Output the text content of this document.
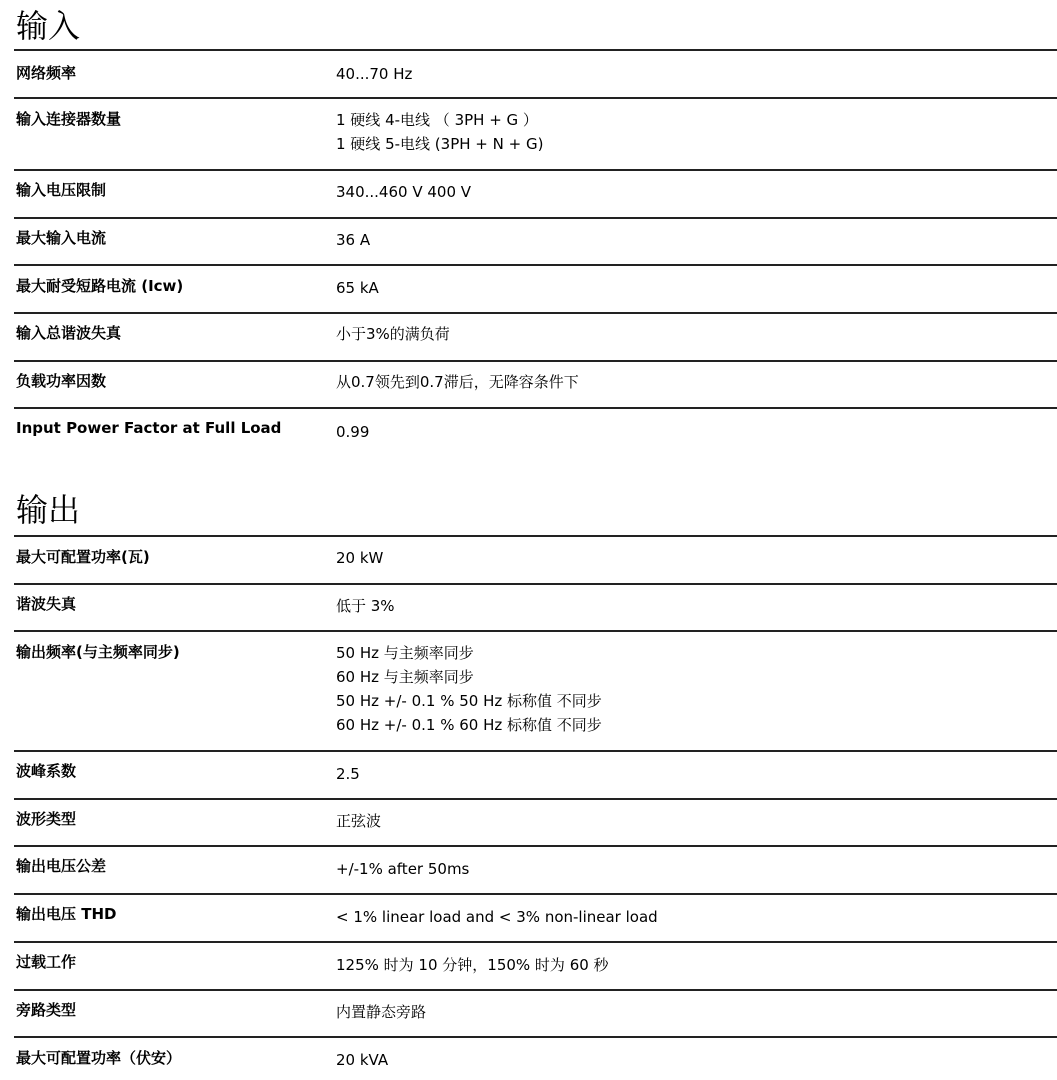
输入
网络频率	40...70 Hz
输入连接器数量	1 硬线 4-电线 （ 3PH + G ）
1 硬线 5-电线 (3PH + N + G)
输入电压限制	340...460 V 400 V
最大输入电流	36 A
最大耐受短路电流 (Icw)	65 kA
输入总谐波失真	小于3%的满负荷
负载功率因数	从0.7领先到0.7滞后，无降容条件下
Input Power Factor at Full Load	0.99
输出
最大可配置功率(瓦)	20 kW
谐波失真	低于 3%
输出频率(与主频率同步)	50 Hz 与主频率同步
60 Hz 与主频率同步
50 Hz +/- 0.1 % 50 Hz 标称值 不同步
60 Hz +/- 0.1 % 60 Hz 标称值 不同步
波峰系数	2.5
波形类型	正弦波
输出电压公差	+/-1% after 50ms
输出电压 THD	< 1% linear load and < 3% non-linear load
过载工作	125% 时为 10 分钟，150% 时为 60 秒
旁路类型	内置静态旁路
最大可配置功率（伏安）	20 kVA
